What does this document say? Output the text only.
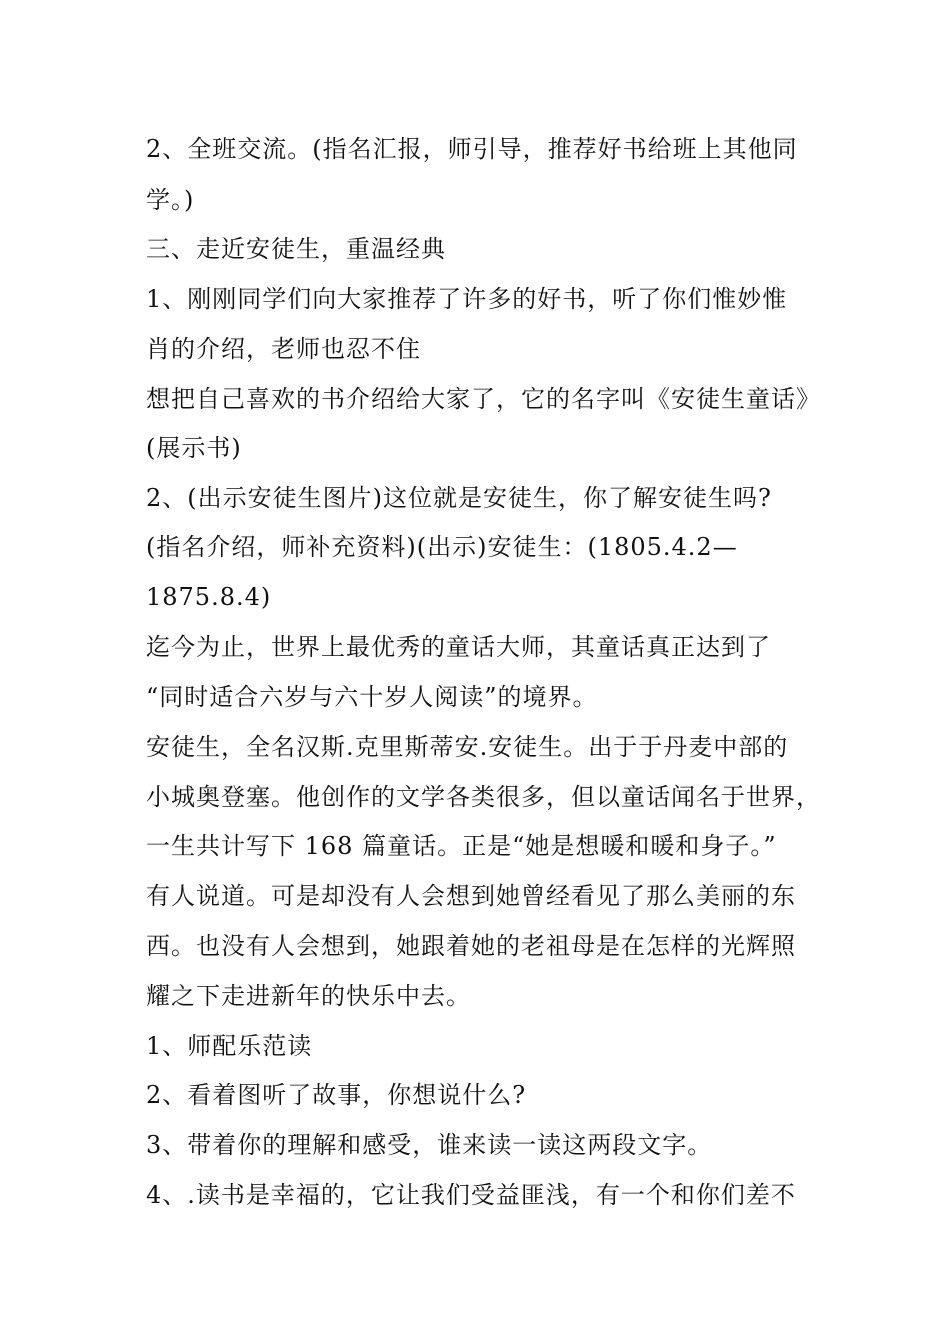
2、全班交流。(指名汇报，师引导，推荐好书给班上其他同
学。)
三、走近安徒生，重温经典
1、刚刚同学们向大家推荐了许多的好书，听了你们惟妙惟
肖的介绍，老师也忍不住
想把自己喜欢的书介绍给大家了，它的名字叫《安徒生童话》
(展示书)
2、(出示安徒生图片)这位就是安徒生，你了解安徒生吗?
(指名介绍，师补充资料)(出示)安徒生：(1805.4.2—
1875.8.4)
迄今为止，世界上最优秀的童话大师，其童话真正达到了
“同时适合六岁与六十岁人阅读”的境界。
安徒生，全名汉斯.克里斯蒂安.安徒生。出于于丹麦中部的
小城奥登塞。他创作的文学各类很多，但以童话闻名于世界，
一生共计写下 168 篇童话。正是“她是想暖和暖和身子。”
有人说道。可是却没有人会想到她曾经看见了那么美丽的东
西。也没有人会想到，她跟着她的老祖母是在怎样的光辉照
耀之下走进新年的快乐中去。
1、师配乐范读
2、看着图听了故事，你想说什么?
3、带着你的理解和感受，谁来读一读这两段文字。
4、.读书是幸福的，它让我们受益匪浅，有一个和你们差不
